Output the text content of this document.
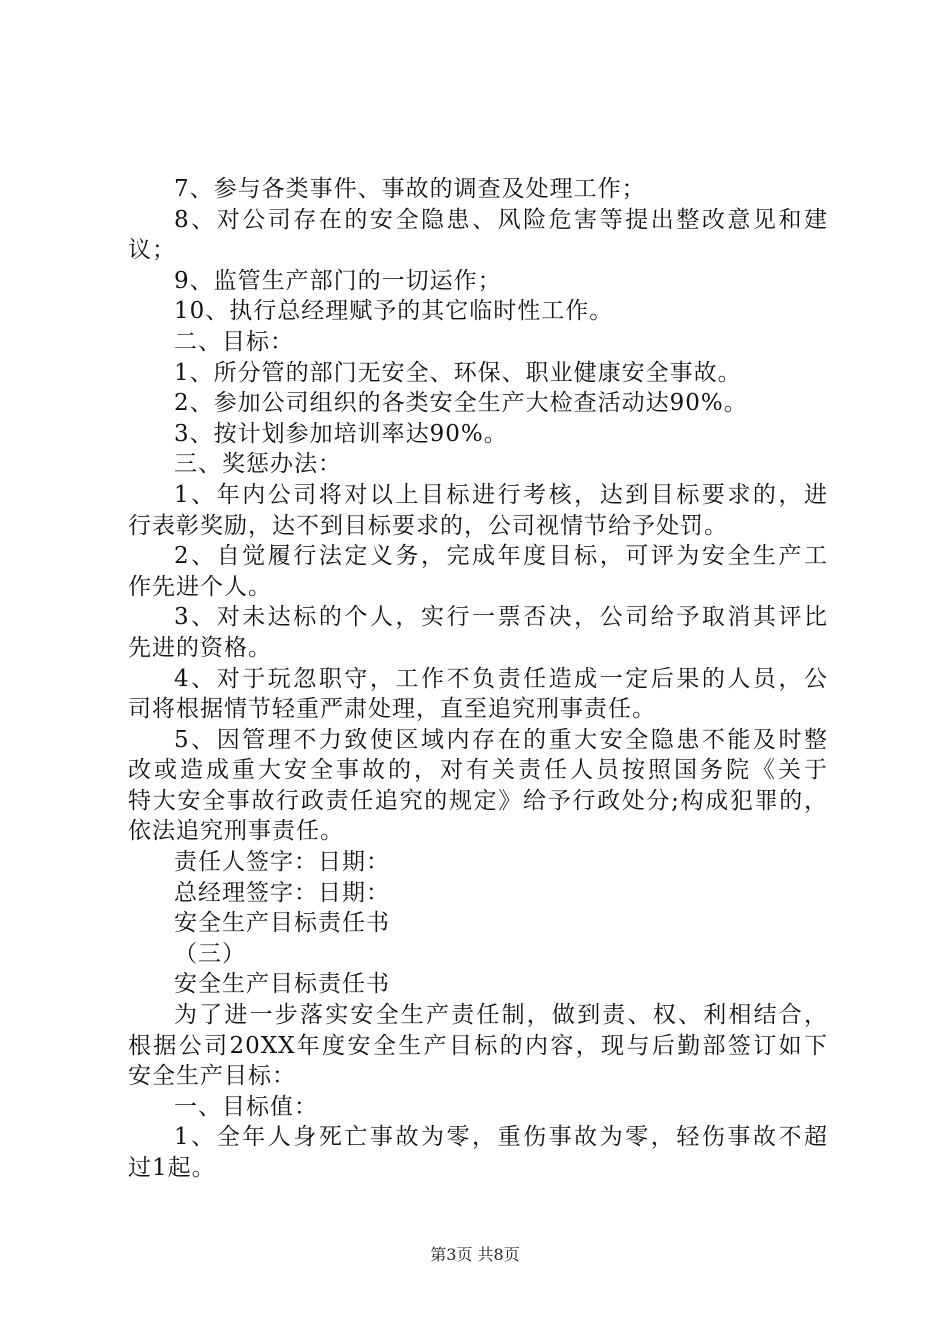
7、参与各类事件、事故的调查及处理工作；
8、对公司存在的安全隐患、风险危害等提出整改意见和建
议；
9、监管生产部门的一切运作；
10、执行总经理赋予的其它临时性工作。
二、目标：
1、所分管的部门无安全、环保、职业健康安全事故。
2、参加公司组织的各类安全生产大检查活动达90%。
3、按计划参加培训率达90%。
三、奖惩办法：
1、年内公司将对以上目标进行考核，达到目标要求的，进
行表彰奖励，达不到目标要求的，公司视情节给予处罚。
2、自觉履行法定义务，完成年度目标，可评为安全生产工
作先进个人。
3、对未达标的个人，实行一票否决，公司给予取消其评比
先进的资格。
4、对于玩忽职守，工作不负责任造成一定后果的人员，公
司将根据情节轻重严肃处理，直至追究刑事责任。
5、因管理不力致使区域内存在的重大安全隐患不能及时整
改或造成重大安全事故的，对有关责任人员按照国务院《关于
特大安全事故行政责任追究的规定》给予行政处分;构成犯罪的，
依法追究刑事责任。
责任人签字：日期：
总经理签字：日期：
安全生产目标责任书
（三）
安全生产目标责任书
为了进一步落实安全生产责任制，做到责、权、利相结合，
根据公司20XX年度安全生产目标的内容，现与后勤部签订如下
安全生产目标：
一、目标值：
1、全年人身死亡事故为零，重伤事故为零，轻伤事故不超
过1起。
第3页 共8页
